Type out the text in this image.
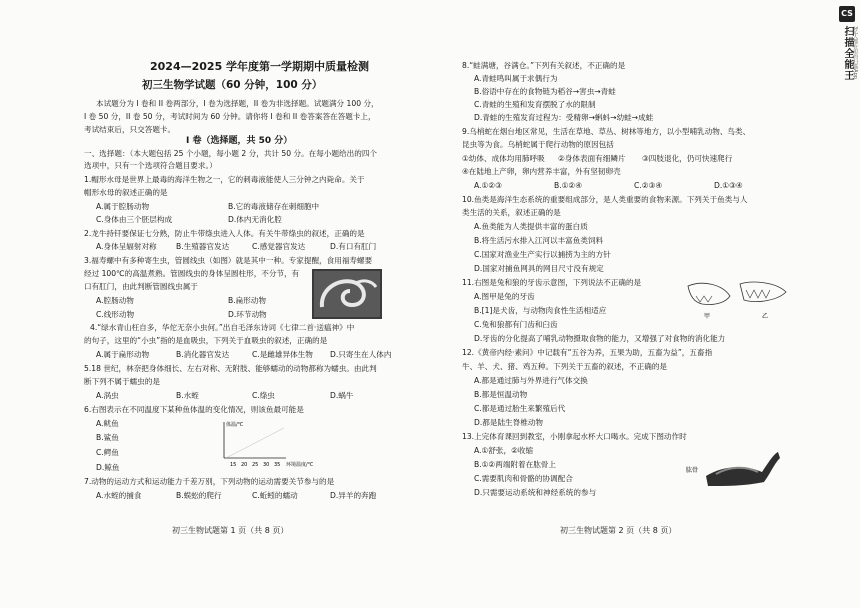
2024—2025 学年度第一学期期中质量检测
初三生物学试题（60 分钟，100 分）
本试题分为 I 卷和 II 卷两部分，I 卷为选择题，II 卷为非选择题。试题满分 100 分，
I 卷 50 分，II 卷 50 分，考试时间为 60 分钟。请你将 I 卷和 II 卷答案答在答题卡上，
考试结束后，只交答题卡。
I 卷（选择题，共 50 分）
一、选择题：（本大题包括 25 个小题，每小题 2 分，共计 50 分。在每小题给出的四个
选项中，只有一个选项符合题目要求。）
1.帽形水母是世界上最毒的海洋生物之一，它的刺毒液能使人三分钟之内毙命。关于
帽形水母的叙述正确的是
A.属于腔肠动物	B.它的毒液储存在刺细胞中
C.身体由三个胚层构成	D.体内无消化腔
2.龙牛持钎要保证七分熟，防止牛带绦虫进入人体。有关牛带绦虫的叙述，正确的是
A.身体呈辐射对称	B.生殖器官发达	C.感觉器官发达	D.有口有肛门
3.福寿螺中有多种寄生虫，管圆线虫（如图）就是其中一种。专家提醒，食用福寿螺要
经过 100℃的高温煮熟。管圆线虫的身体呈圆柱形，不分节，有
口有肛门，由此判断管圆线虫属于
A.腔肠动物	B.扁形动物
C.线形动物	D.环节动物
4.“绿水青山枉自多，华佗无奈小虫何。”出自毛泽东诗词《七律二首·送瘟神》中
的句子，这里的“小虫”指的是血吸虫，下列关于血吸虫的叙述，正确的是
A.属于扁形动物	B.消化器官发达	C.是雌雄异体生物 D.只寄生在人体内
5.18 世纪，林奈把身体细长、左右对称、无附肢、能够蠕动的动物都称为蠕虫。由此判
断下列不属于蠕虫的是
A.涡虫	B.水蛭	C.绦虫	D.蜗牛
6.右图表示在不同温度下某种鱼体温的变化情况，则该鱼最可能是
A.鱿鱼
B.鲨鱼
C.鳄鱼
D.鲸鱼
体温/℃
15 20 25 30 35 环境温度/℃
7.动物的运动方式和运动能力千差万别，下列动物的运动需要关节参与的是
A.水蛭的捕食	B.蜈蚣的爬行	C.蚯蚓的蠕动	D.异羊的奔跑
初三生物试题第 1 页（共 8 页）
8.“蛙满塘，谷满仓。”下列有关叙述，不正确的是
A.青蛙鸣叫属于求偶行为
B.俗语中存在的食物链为稻谷→害虫→青蛙
C.青蛙的生殖和发育摆脱了水的限制
D.青蛙的生殖发育过程为：受精卵→蝌蚪→幼蛙→成蛙
9.乌梢蛇在烟台地区常见，生活在草地、草丛、树林等地方，以小型哺乳动物、鸟类、
昆虫等为食。乌梢蛇属于爬行动物的原因包括
①幼体、成体均用肺呼吸 ②身体表面有细鳞片 ③四肢退化，仍可快速爬行
④在陆地上产卵，卵内营养丰富，外有坚韧卵壳
A.①②③	B.①②④	C.②③④	D.①③④
10.鱼类是海洋生态系统的重要组成部分，是人类重要的食物来源。下列关于鱼类与人
类生活的关系，叙述正确的是
A.鱼类能为人类提供丰富的蛋白质
B.将生活污水排入江河以丰富鱼类饲料
C.国家对渔业生产实行以捕捞为主的方针
D.国家对捕鱼网具的网目尺寸没有规定
11.右图是兔和狼的牙齿示意图，下列说法不正确的是
A.图甲是兔的牙齿
B.[1]是犬齿，与动物肉食性生活相适应
C.兔和狼都有门齿和臼齿
D.牙齿的分化提高了哺乳动物摄取食物的能力，又增强了对食物的消化能力
甲	乙
12.《黄帝内经·素问》中记载有“五谷为养，五果为助，五畜为益”，五畜指
牛、羊、犬、猪、鸡五种。下列关于五畜的叙述，不正确的是
A.都是通过肺与外界进行气体交换
B.都是恒温动物
C.都是通过胎生来繁殖后代
D.都是陆生脊椎动物
13.上完体育课回到教室，小刚拿起水杯大口喝水。完成下图动作时
A.①舒张，②收缩
B.①②两端附着在肱骨上
C.需要肌肉和骨骼的协调配合
D.只需要运动系统和神经系统的参与
肱骨
初三生物试题第 2 页（共 8 页）
CS
扫描全能王 3亿人都在用的扫描App
